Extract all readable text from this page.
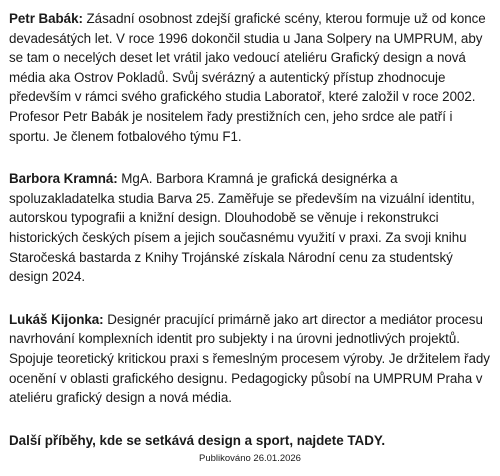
Petr Babák: Zásadní osobnost zdejší grafické scény, kterou formuje už od konce devadesátých let. V roce 1996 dokončil studia u Jana Solpery na UMPRUM, aby se tam o necelých deset let vrátil jako vedoucí ateliéru Grafický design a nová média aka Ostrov Pokladů. Svůj svérázný a autentický přístup zhodnocuje především v rámci svého grafického studia Laboratoř, které založil v roce 2002. Profesor Petr Babák je nositelem řady prestižních cen, jeho srdce ale patří i sportu. Je členem fotbalového týmu F1.

Barbora Kramná: MgA. Barbora Kramná je grafická designérka a spoluzakladatelka studia Barva 25. Zaměřuje se především na vizuální identitu, autorskou typografii a knižní design. Dlouhodobě se věnuje i rekonstrukci historických českých písem a jejich současnému využití v praxi. Za svoji knihu Staročeská bastarda z Knihy Trojánské získala Národní cenu za studentský design 2024.

Lukáš Kijonka: Designér pracující primárně jako art director a mediátor procesu navrhování komplexních identit pro subjekty i na úrovni jednotlivých projektů. Spojuje teoretický kritickou praxi s řemeslným procesem výroby. Je držitelem řady ocenění v oblasti grafického designu. Pedagogicky působí na UMPRUM Praha v ateliéru grafický design a nová média.

Další příběhy, kde se setkává design a sport, najdete TADY.

Publikováno 26.01.2026
